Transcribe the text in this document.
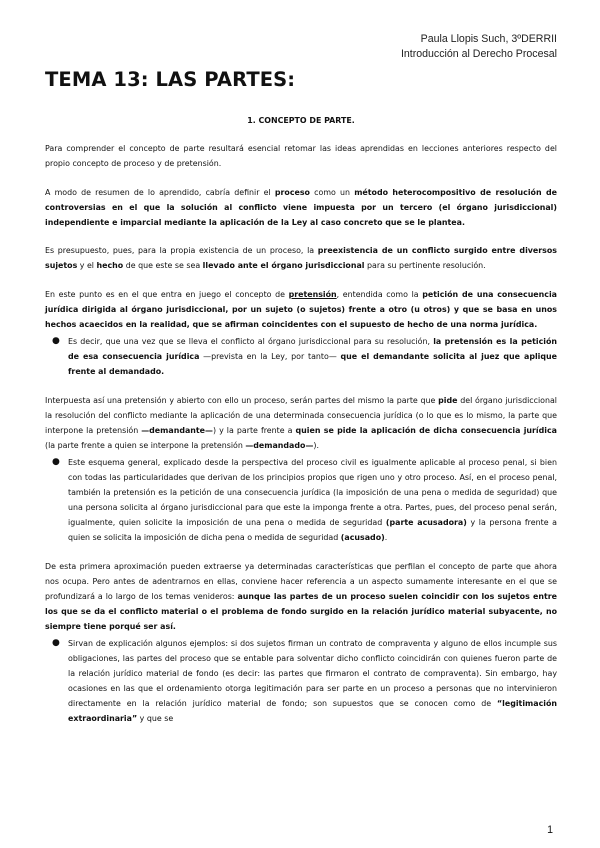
Paula Llopis Such, 3ºDERRII
Introducción al Derecho Procesal
TEMA 13: LAS PARTES:
1. CONCEPTO DE PARTE.

Para comprender el concepto de parte resultará esencial retomar las ideas aprendidas en lecciones anteriores respecto del propio concepto de proceso y de pretensión.

A modo de resumen de lo aprendido, cabría definir el proceso como un método heterocompositivo de resolución de controversias en el que la solución al conflicto viene impuesta por un tercero (el órgano jurisdiccional) independiente e imparcial mediante la aplicación de la Ley al caso concreto que se le plantea.

Es presupuesto, pues, para la propia existencia de un proceso, la preexistencia de un conflicto surgido entre diversos sujetos y el hecho de que este se sea llevado ante el órgano jurisdiccional para su pertinente resolución.

En este punto es en el que entra en juego el concepto de pretensión, entendida como la petición de una consecuencia jurídica dirigida al órgano jurisdiccional, por un sujeto (o sujetos) frente a otro (u otros) y que se basa en unos hechos acaecidos en la realidad, que se afirman coincidentes con el supuesto de hecho de una norma jurídica.

● Es decir, que una vez que se lleva el conflicto al órgano jurisdiccional para su resolución, la pretensión es la petición de esa consecuencia jurídica —prevista en la Ley, por tanto— que el demandante solicita al juez que aplique frente al demandado.

Interpuesta así una pretensión y abierto con ello un proceso, serán partes del mismo la parte que pide del órgano jurisdiccional la resolución del conflicto mediante la aplicación de una determinada consecuencia jurídica (o lo que es lo mismo, la parte que interpone la pretensión —demandante—) y la parte frente a quien se pide la aplicación de dicha consecuencia jurídica (la parte frente a quien se interpone la pretensión —demandado—).

● Este esquema general, explicado desde la perspectiva del proceso civil es igualmente aplicable al proceso penal, si bien con todas las particularidades que derivan de los principios propios que rigen uno y otro proceso. Así, en el proceso penal, también la pretensión es la petición de una consecuencia jurídica (la imposición de una pena o medida de seguridad) que una persona solicita al órgano jurisdiccional para que este la imponga frente a otra. Partes, pues, del proceso penal serán, igualmente, quien solicite la imposición de una pena o medida de seguridad (parte acusadora) y la persona frente a quien se solicita la imposición de dicha pena o medida de seguridad (acusado).

De esta primera aproximación pueden extraerse ya determinadas características que perfilan el concepto de parte que ahora nos ocupa. Pero antes de adentrarnos en ellas, conviene hacer referencia a un aspecto sumamente interesante en el que se profundizará a lo largo de los temas venideros: aunque las partes de un proceso suelen coincidir con los sujetos entre los que se da el conflicto material o el problema de fondo surgido en la relación jurídico material subyacente, no siempre tiene porqué ser así.

● Sirvan de explicación algunos ejemplos: si dos sujetos firman un contrato de compraventa y alguno de ellos incumple sus obligaciones, las partes del proceso que se entable para solventar dicho conflicto coincidirán con quienes fueron parte de la relación jurídico material de fondo (es decir: las partes que firmaron el contrato de compraventa). Sin embargo, hay ocasiones en las que el ordenamiento otorga legitimación para ser parte en un proceso a personas que no intervinieron directamente en la relación jurídico material de fondo; son supuestos que se conocen como de “legitimación extraordinaria” y que se
1
